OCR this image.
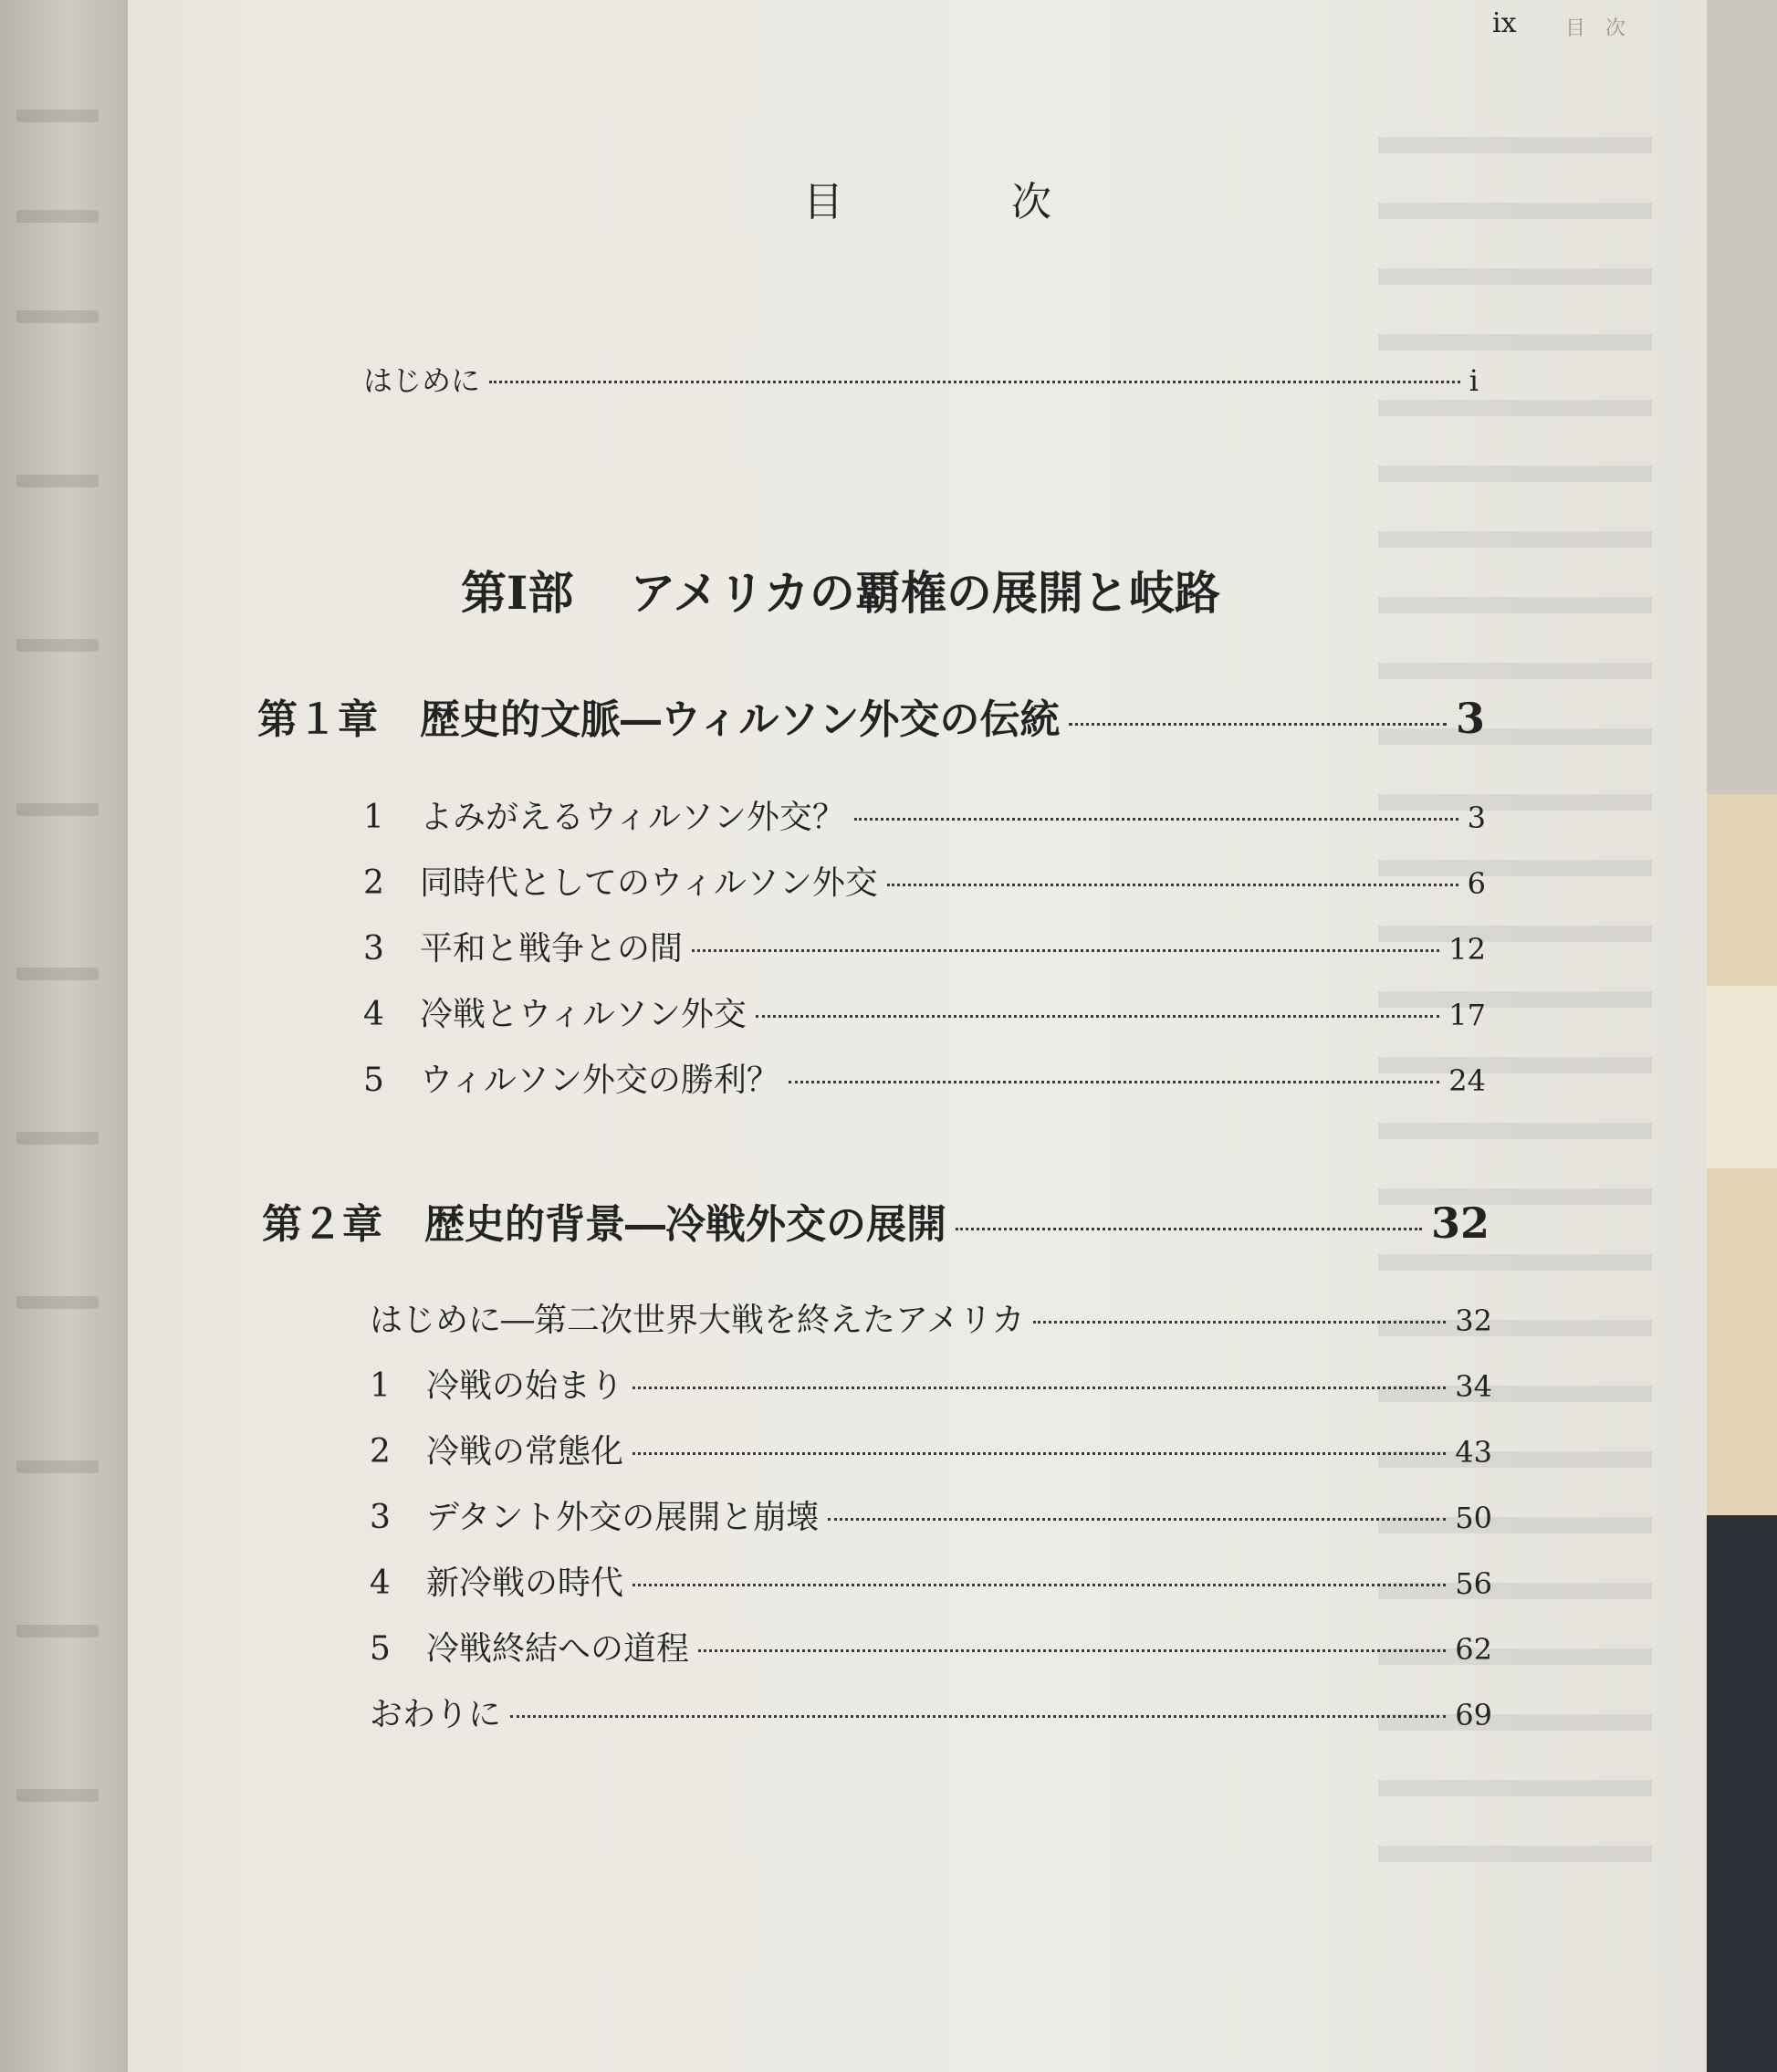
目　次
ix
目　次
はじめに	i
第Ⅰ部 アメリカの覇権の展開と岐路
第１章 歴史的文脈―ウィルソン外交の伝統	3
1	よみがえるウィルソン外交？	3
2	同時代としてのウィルソン外交	6
3	平和と戦争との間	12
4	冷戦とウィルソン外交	17
5	ウィルソン外交の勝利？	24
第２章 歴史的背景―冷戦外交の展開	32
はじめに―第二次世界大戦を終えたアメリカ	32
1	冷戦の始まり	34
2	冷戦の常態化	43
3	デタント外交の展開と崩壊	50
4	新冷戦の時代	56
5	冷戦終結への道程	62
おわりに	69
